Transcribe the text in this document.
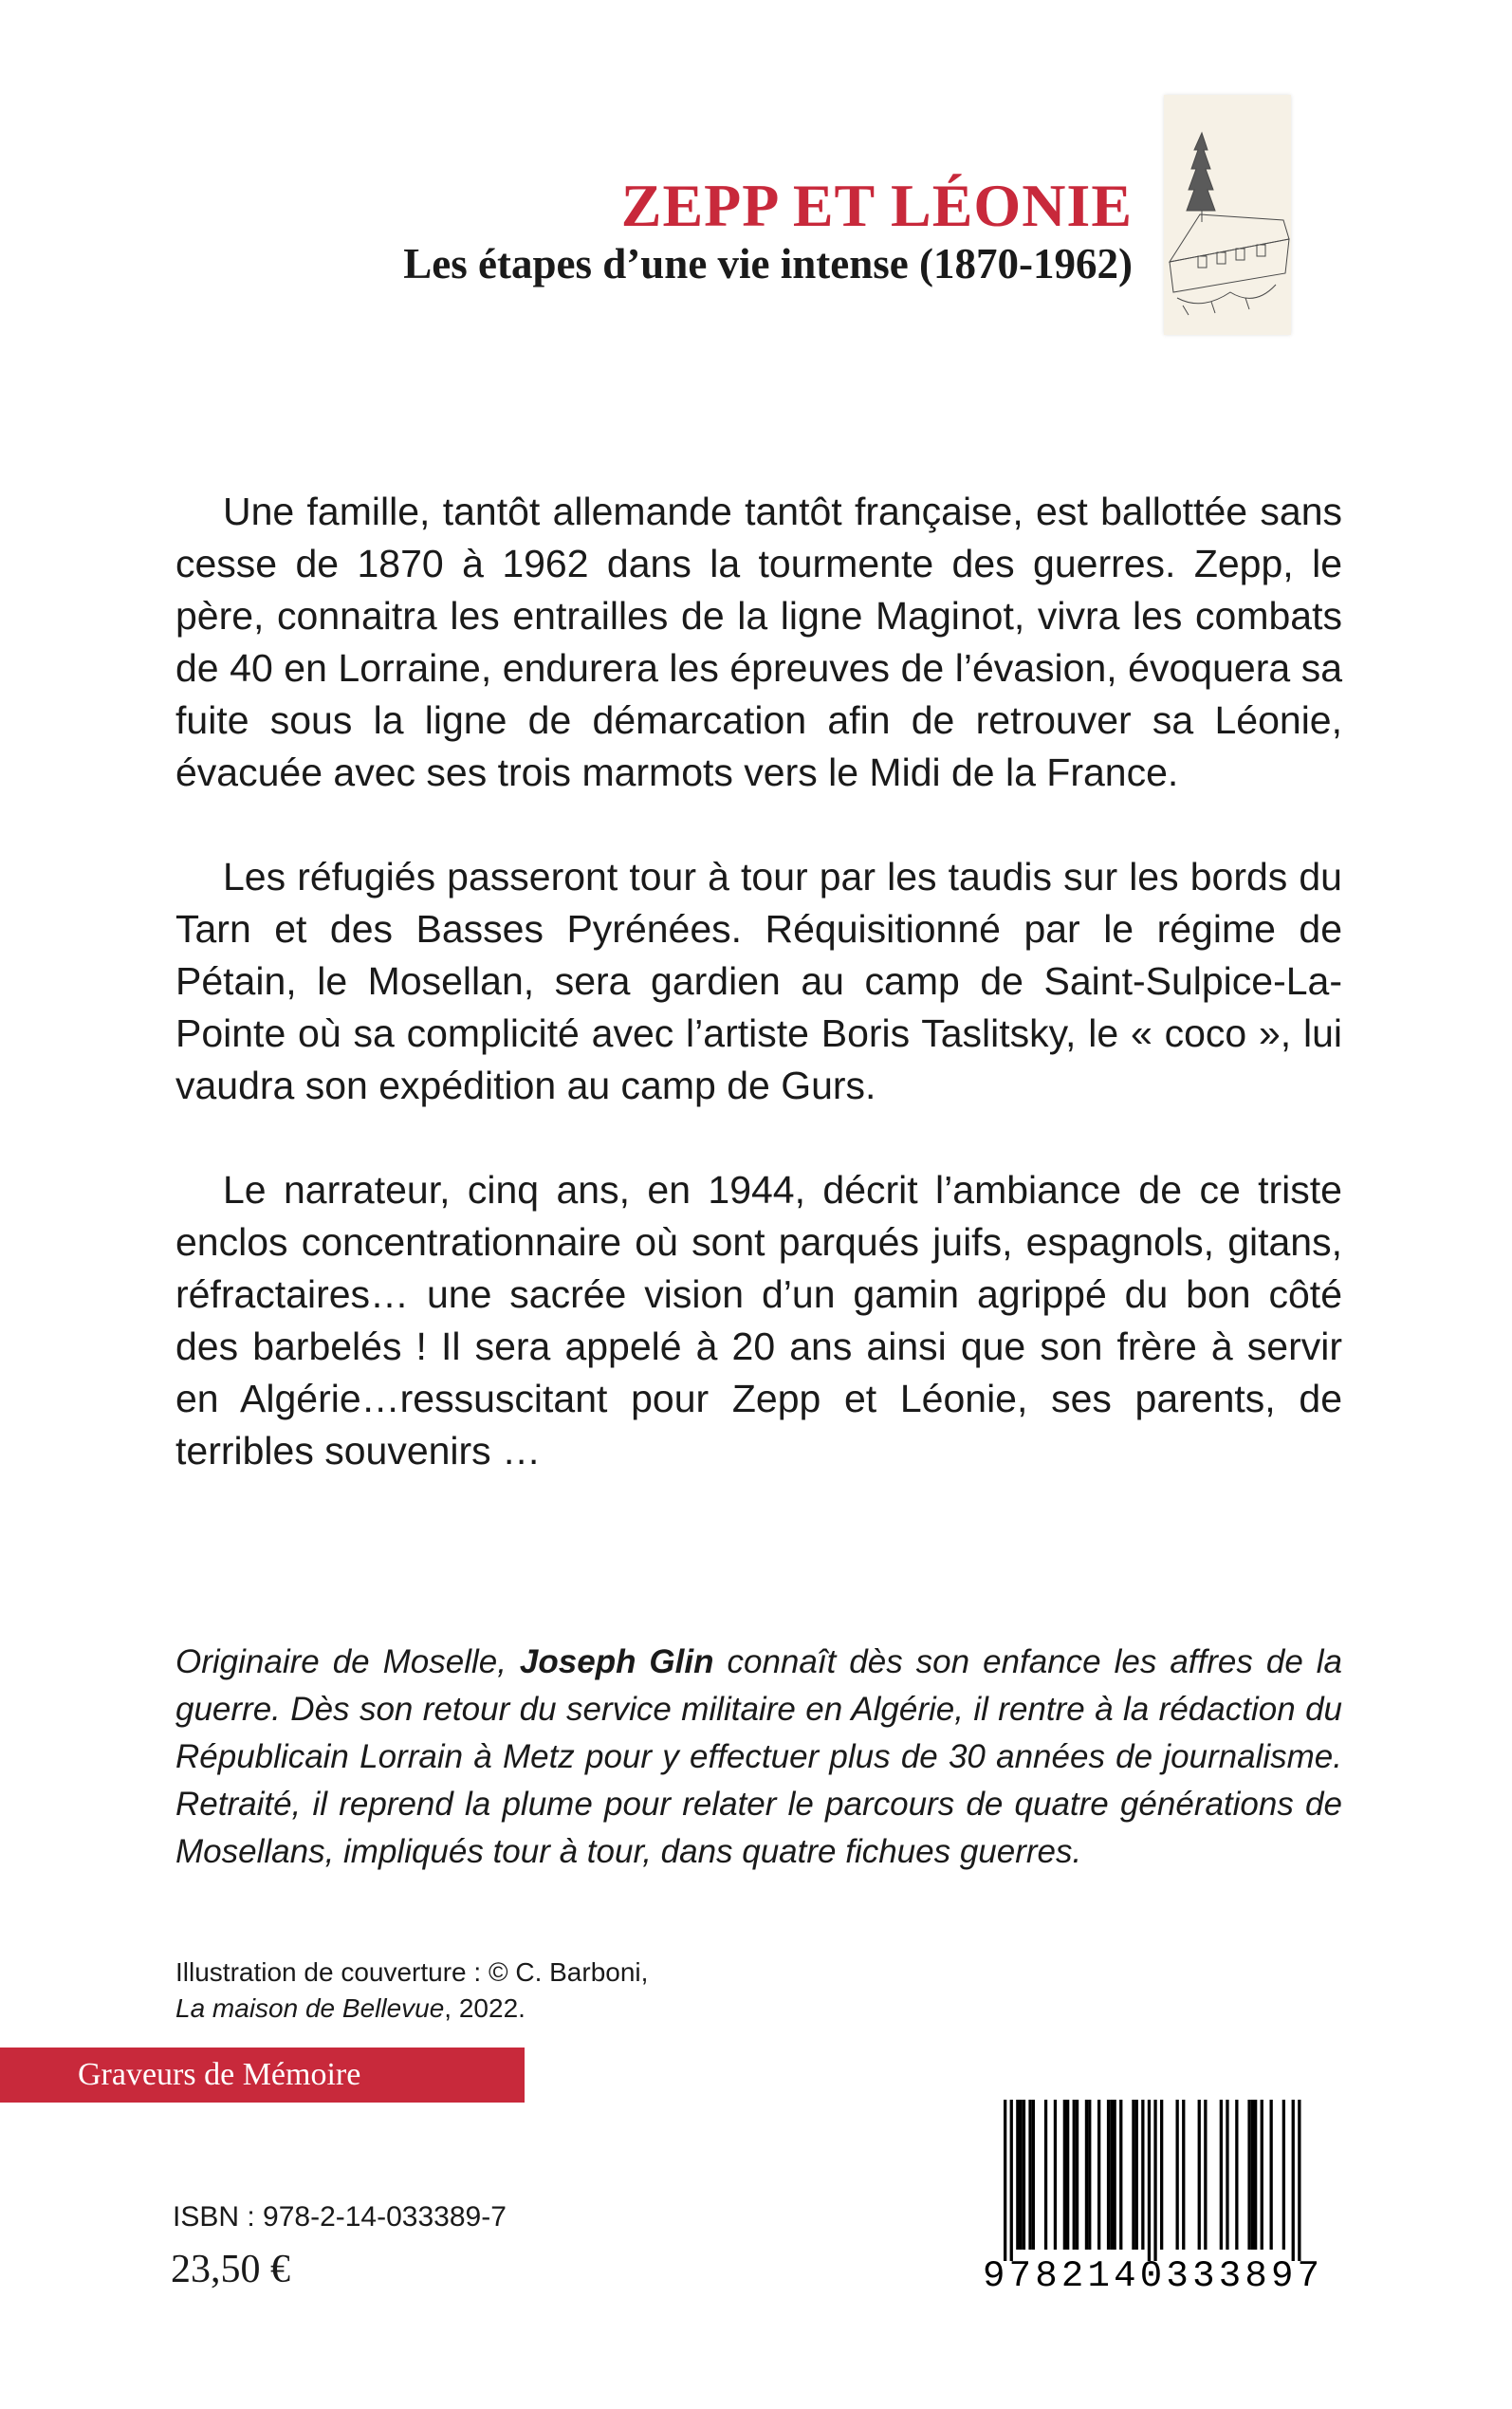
ZEPP ET LÉONIE
Les étapes d’une vie intense (1870-1962)

Une famille, tantôt allemande tantôt française, est ballottée sans cesse de 1870 à 1962 dans la tourmente des guerres. Zepp, le père, connaitra les entrailles de la ligne Maginot, vivra les combats de 40 en Lorraine, endurera les épreuves de l’évasion, évoquera sa fuite sous la ligne de démarcation afin de retrouver sa Léonie, évacuée avec ses trois marmots vers le Midi de la France.

Les réfugiés passeront tour à tour par les taudis sur les bords du Tarn et des Basses Pyrénées. Réquisitionné par le régime de Pétain, le Mosellan, sera gardien au camp de Saint-Sulpice-La-Pointe où sa complicité avec l’artiste Boris Taslitsky, le « coco », lui vaudra son expédition au camp de Gurs.

Le narrateur, cinq ans, en 1944, décrit l’ambiance de ce triste enclos concentrationnaire où sont parqués juifs, espagnols, gitans, réfractaires… une sacrée vision d’un gamin agrippé du bon côté des barbelés ! Il sera appelé à 20 ans ainsi que son frère à servir en Algérie…ressuscitant pour Zepp et Léonie, ses parents, de terribles souvenirs …

Originaire de Moselle, Joseph Glin connaît dès son enfance les affres de la guerre. Dès son retour du service militaire en Algérie, il rentre à la rédaction du Républicain Lorrain à Metz pour y effectuer plus de 30 années de journalisme. Retraité, il reprend la plume pour relater le parcours de quatre générations de Mosellans, impliqués tour à tour, dans quatre fichues guerres.

Illustration de couverture : © C. Barboni,
La maison de Bellevue, 2022.
Graveurs de Mémoire
9782140333897
ISBN : 978-2-14-033389-7
23,50 €
